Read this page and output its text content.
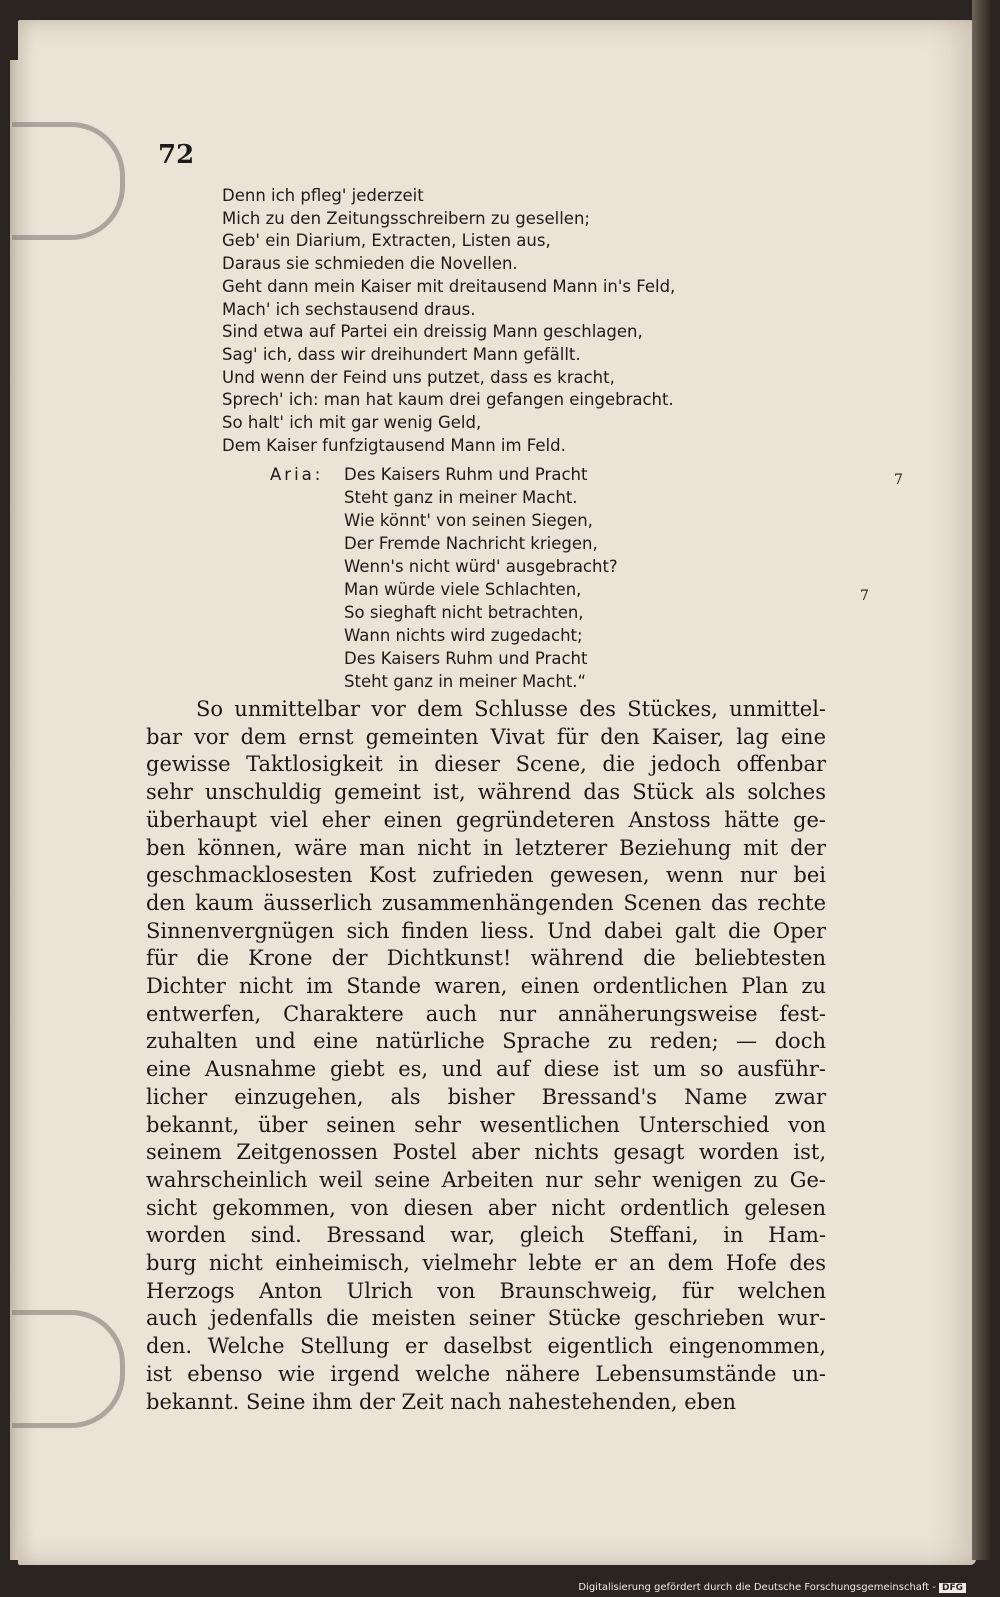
72
Denn ich pfleg' jederzeit
Mich zu den Zeitungsschreibern zu gesellen;
Geb' ein Diarium, Extracten, Listen aus,
Daraus sie schmieden die Novellen.
Geht dann mein Kaiser mit dreitausend Mann in's Feld,
Mach' ich sechstausend draus.
Sind etwa auf Partei ein dreissig Mann geschlagen,
Sag' ich, dass wir dreihundert Mann gefällt.
Und wenn der Feind uns putzet, dass es kracht,
Sprech' ich: man hat kaum drei gefangen eingebracht.
So halt' ich mit gar wenig Geld,
Dem Kaiser funfzigtausend Mann im Feld.
Aria: Des Kaisers Ruhm und Pracht
Steht ganz in meiner Macht.
Wie könnt' von seinen Siegen,
Der Fremde Nachricht kriegen,
Wenn's nicht würd' ausgebracht?
Man würde viele Schlachten,
So sieghaft nicht betrachten,
Wann nichts wird zugedacht;
Des Kaisers Ruhm und Pracht
Steht ganz in meiner Macht.“
So unmittelbar vor dem Schlusse des Stückes, unmittel-
bar vor dem ernst gemeinten Vivat für den Kaiser, lag eine
gewisse Taktlosigkeit in dieser Scene, die jedoch offenbar
sehr unschuldig gemeint ist, während das Stück als solches
überhaupt viel eher einen gegründeteren Anstoss hätte ge-
ben können, wäre man nicht in letzterer Beziehung mit der
geschmacklosesten Kost zufrieden gewesen, wenn nur bei
den kaum äusserlich zusammenhängenden Scenen das rechte
Sinnenvergnügen sich finden liess. Und dabei galt die Oper
für die Krone der Dichtkunst! während die beliebtesten
Dichter nicht im Stande waren, einen ordentlichen Plan zu
entwerfen, Charaktere auch nur annäherungsweise fest-
zuhalten und eine natürliche Sprache zu reden; — doch
eine Ausnahme giebt es, und auf diese ist um so ausführ-
licher einzugehen, als bisher Bressand's Name zwar
bekannt, über seinen sehr wesentlichen Unterschied von
seinem Zeitgenossen Postel aber nichts gesagt worden ist,
wahrscheinlich weil seine Arbeiten nur sehr wenigen zu Ge-
sicht gekommen, von diesen aber nicht ordentlich gelesen
worden sind. Bressand war, gleich Steffani, in Ham-
burg nicht einheimisch, vielmehr lebte er an dem Hofe des
Herzogs Anton Ulrich von Braunschweig, für welchen
auch jedenfalls die meisten seiner Stücke geschrieben wur-
den. Welche Stellung er daselbst eigentlich eingenommen,
ist ebenso wie irgend welche nähere Lebensumstände un-
bekannt. Seine ihm der Zeit nach nahestehenden, eben
7
7
Digitalisierung gefördert durch die Deutsche Forschungsgemeinschaft - DFG
